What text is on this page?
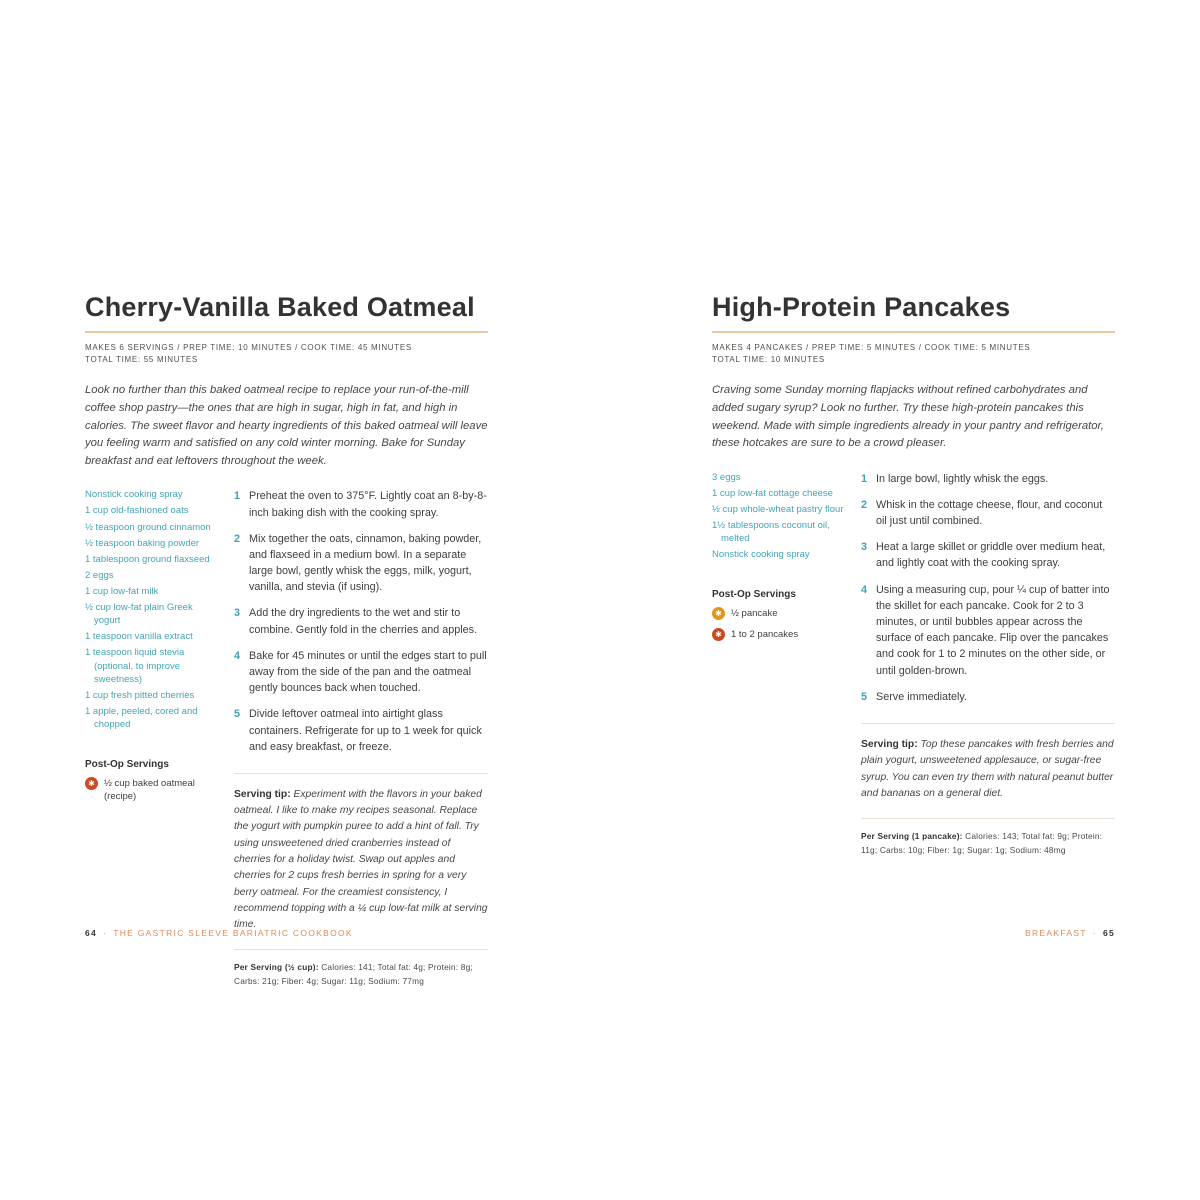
Cherry-Vanilla Baked Oatmeal

MAKES 6 SERVINGS / PREP TIME: 10 MINUTES / COOK TIME: 45 MINUTES
TOTAL TIME: 55 MINUTES

Look no further than this baked oatmeal recipe to replace your run-of-the-mill coffee shop pastry—the ones that are high in sugar, high in fat, and high in calories. The sweet flavor and hearty ingredients of this baked oatmeal will leave you feeling warm and satisfied on any cold winter morning. Bake for Sunday breakfast and eat leftovers throughout the week.

Nonstick cooking spray
1 cup old-fashioned oats
½ teaspoon ground cinnamon
½ teaspoon baking powder
1 tablespoon ground flaxseed
2 eggs
1 cup low-fat milk
½ cup low-fat plain Greek yogurt
1 teaspoon vanilla extract
1 teaspoon liquid stevia (optional, to improve sweetness)
1 cup fresh pitted cherries
1 apple, peeled, cored and chopped
Post-Op Servings
✱ ½ cup baked oatmeal (recipe)
1 Preheat the oven to 375°F. Lightly coat an 8-by-8-inch baking dish with the cooking spray.
2 Mix together the oats, cinnamon, baking powder, and flaxseed in a medium bowl. In a separate large bowl, gently whisk the eggs, milk, yogurt, vanilla, and stevia (if using).
3 Add the dry ingredients to the wet and stir to combine. Gently fold in the cherries and apples.
4 Bake for 45 minutes or until the edges start to pull away from the side of the pan and the oatmeal gently bounces back when touched.
5 Divide leftover oatmeal into airtight glass containers. Refrigerate for up to 1 week for quick and easy breakfast, or freeze.
Serving tip: Experiment with the flavors in your baked oatmeal. I like to make my recipes seasonal. Replace the yogurt with pumpkin puree to add a hint of fall. Try using unsweetened dried cranberries instead of cherries for a holiday twist. Swap out apples and cherries for 2 cups fresh berries in spring for a very berry oatmeal. For the creamiest consistency, I recommend topping with a ¼ cup low-fat milk at serving time.
Per Serving (½ cup): Calories: 141; Total fat: 4g; Protein: 8g; Carbs: 21g; Fiber: 4g; Sugar: 11g; Sodium: 77mg
High-Protein Pancakes

MAKES 4 PANCAKES / PREP TIME: 5 MINUTES / COOK TIME: 5 MINUTES
TOTAL TIME: 10 MINUTES

Craving some Sunday morning flapjacks without refined carbohydrates and added sugary syrup? Look no further. Try these high-protein pancakes this weekend. Made with simple ingredients already in your pantry and refrigerator, these hotcakes are sure to be a crowd pleaser.

3 eggs
1 cup low-fat cottage cheese
½ cup whole-wheat pastry flour
1½ tablespoons coconut oil, melted
Nonstick cooking spray
Post-Op Servings
✱ ½ pancake
✱ 1 to 2 pancakes
1 In large bowl, lightly whisk the eggs.
2 Whisk in the cottage cheese, flour, and coconut oil just until combined.
3 Heat a large skillet or griddle over medium heat, and lightly coat with the cooking spray.
4 Using a measuring cup, pour ¼ cup of batter into the skillet for each pancake. Cook for 2 to 3 minutes, or until bubbles appear across the surface of each pancake. Flip over the pancakes and cook for 1 to 2 minutes on the other side, or until golden-brown.
5 Serve immediately.
Serving tip: Top these pancakes with fresh berries and plain yogurt, unsweetened applesauce, or sugar-free syrup. You can even try them with natural peanut butter and bananas on a general diet.
Per Serving (1 pancake): Calories: 143; Total fat: 9g; Protein: 11g; Carbs: 10g; Fiber: 1g; Sugar: 1g; Sodium: 48mg
64 · THE GASTRIC SLEEVE BARIATRIC COOKBOOK	BREAKFAST · 65
